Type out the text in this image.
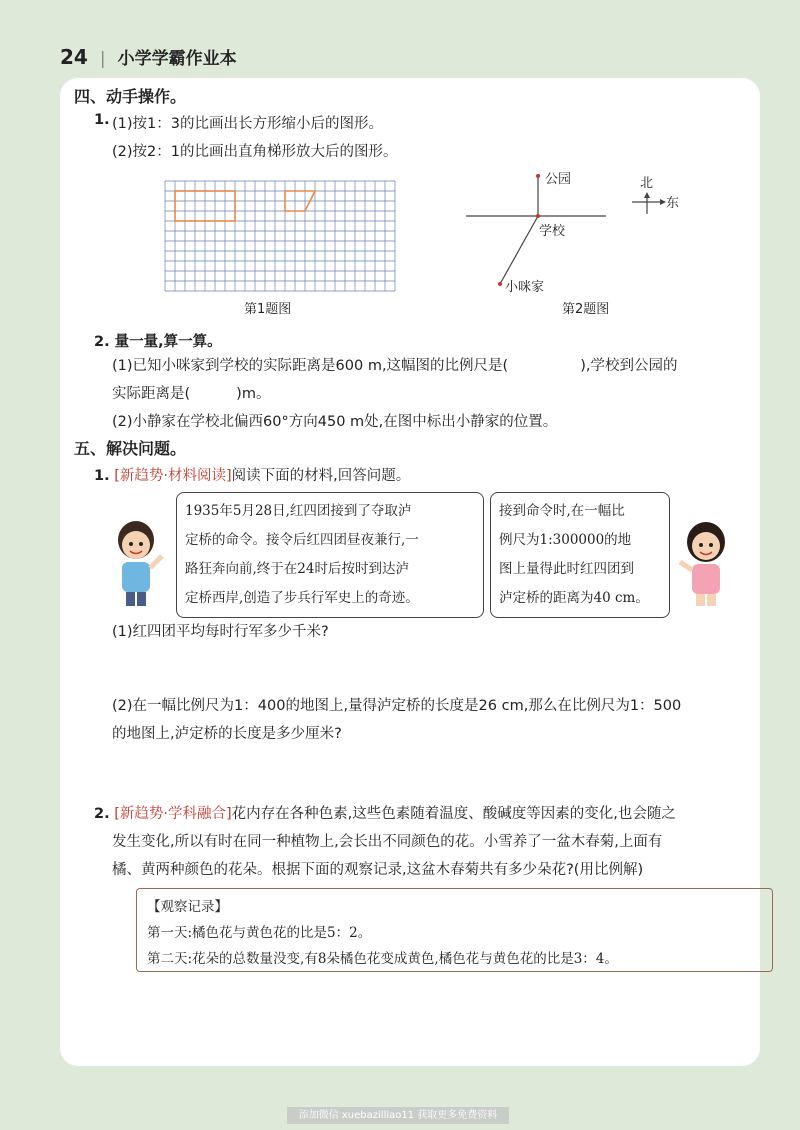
24 | 小学学霸作业本
四、动手操作。
1. (1)按1：3的比画出长方形缩小后的图形。
(2)按2：1的比画出直角梯形放大后的图形。
第1题图
公园
学校
小咪家
北
东
第2题图
2. 量一量,算一算。
(1)已知小咪家到学校的实际距离是600 m,这幅图的比例尺是(	),学校到公园的
实际距离是(	)m。
(2)小静家在学校北偏西60°方向450 m处,在图中标出小静家的位置。
五、解决问题。
1. [新趋势·材料阅读]阅读下面的材料,回答问题。
1935年5月28日,红四团接到了夺取泸
定桥的命令。接令后红四团昼夜兼行,一
路狂奔向前,终于在24时后按时到达泸
定桥西岸,创造了步兵行军史上的奇迹。
接到命令时,在一幅比
例尺为1:300000的地
图上量得此时红四团到
泸定桥的距离为40 cm。
(1)红四团平均每时行军多少千米?
(2)在一幅比例尺为1：400的地图上,量得泸定桥的长度是26 cm,那么在比例尺为1：500
的地图上,泸定桥的长度是多少厘米?
2. [新趋势·学科融合]花内存在各种色素,这些色素随着温度、酸碱度等因素的变化,也会随之
发生变化,所以有时在同一种植物上,会长出不同颜色的花。小雪养了一盆木春菊,上面有
橘、黄两种颜色的花朵。根据下面的观察记录,这盆木春菊共有多少朵花?(用比例解)
【观察记录】
第一天:橘色花与黄色花的比是5：2。
第二天:花朵的总数量没变,有8朵橘色花变成黄色,橘色花与黄色花的比是3：4。
添加微信 xuebazilliao11 获取更多免费资料
